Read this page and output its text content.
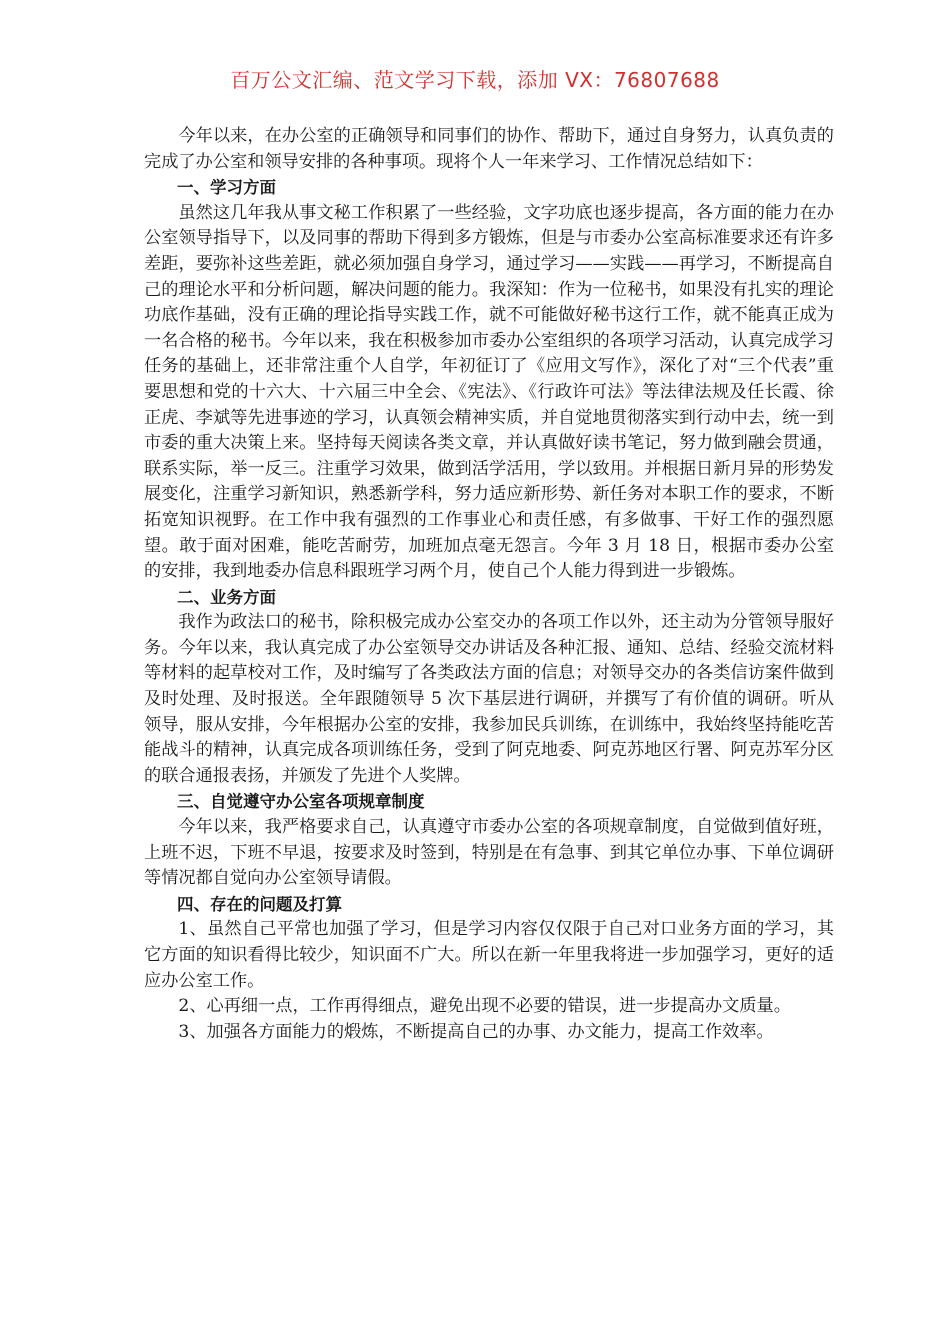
百万公文汇编、范文学习下载，添加 VX：76807688

今年以来，在办公室的正确领导和同事们的协作、帮助下，通过自身努力，认真负责的完成了办公室和领导安排的各种事项。现将个人一年来学习、工作情况总结如下：

一、学习方面

虽然这几年我从事文秘工作积累了一些经验，文字功底也逐步提高，各方面的能力在办公室领导指导下，以及同事的帮助下得到多方锻炼，但是与市委办公室高标准要求还有许多差距，要弥补这些差距，就必须加强自身学习，通过学习——实践——再学习，不断提高自己的理论水平和分析问题，解决问题的能力。我深知：作为一位秘书，如果没有扎实的理论功底作基础，没有正确的理论指导实践工作，就不可能做好秘书这行工作，就不能真正成为一名合格的秘书。今年以来，我在积极参加市委办公室组织的各项学习活动，认真完成学习任务的基础上，还非常注重个人自学，年初征订了《应用文写作》，深化了对“三个代表”重要思想和党的十六大、十六届三中全会、《宪法》、《行政许可法》等法律法规及任长霞、徐正虎、李斌等先进事迹的学习，认真领会精神实质，并自觉地贯彻落实到行动中去，统一到市委的重大决策上来。坚持每天阅读各类文章，并认真做好读书笔记，努力做到融会贯通，联系实际，举一反三。注重学习效果，做到活学活用，学以致用。并根据日新月异的形势发展变化，注重学习新知识，熟悉新学科，努力适应新形势、新任务对本职工作的要求，不断拓宽知识视野。在工作中我有强烈的工作事业心和责任感，有多做事、干好工作的强烈愿望。敢于面对困难，能吃苦耐劳，加班加点毫无怨言。今年 3 月 18 日，根据市委办公室的安排，我到地委办信息科跟班学习两个月，使自己个人能力得到进一步锻炼。

二、业务方面

我作为政法口的秘书，除积极完成办公室交办的各项工作以外，还主动为分管领导服好务。今年以来，我认真完成了办公室领导交办讲话及各种汇报、通知、总结、经验交流材料等材料的起草校对工作，及时编写了各类政法方面的信息；对领导交办的各类信访案件做到及时处理、及时报送。全年跟随领导 5 次下基层进行调研，并撰写了有价值的调研。听从领导，服从安排，今年根据办公室的安排，我参加民兵训练，在训练中，我始终坚持能吃苦能战斗的精神，认真完成各项训练任务，受到了阿克地委、阿克苏地区行署、阿克苏军分区的联合通报表扬，并颁发了先进个人奖牌。

三、自觉遵守办公室各项规章制度

今年以来，我严格要求自己，认真遵守市委办公室的各项规章制度，自觉做到值好班，上班不迟，下班不早退，按要求及时签到，特别是在有急事、到其它单位办事、下单位调研等情况都自觉向办公室领导请假。

四、存在的问题及打算

1、虽然自己平常也加强了学习，但是学习内容仅仅限于自己对口业务方面的学习，其它方面的知识看得比较少，知识面不广大。所以在新一年里我将进一步加强学习，更好的适应办公室工作。

2、心再细一点，工作再得细点，避免出现不必要的错误，进一步提高办文质量。

3、加强各方面能力的煅炼，不断提高自己的办事、办文能力，提高工作效率。
